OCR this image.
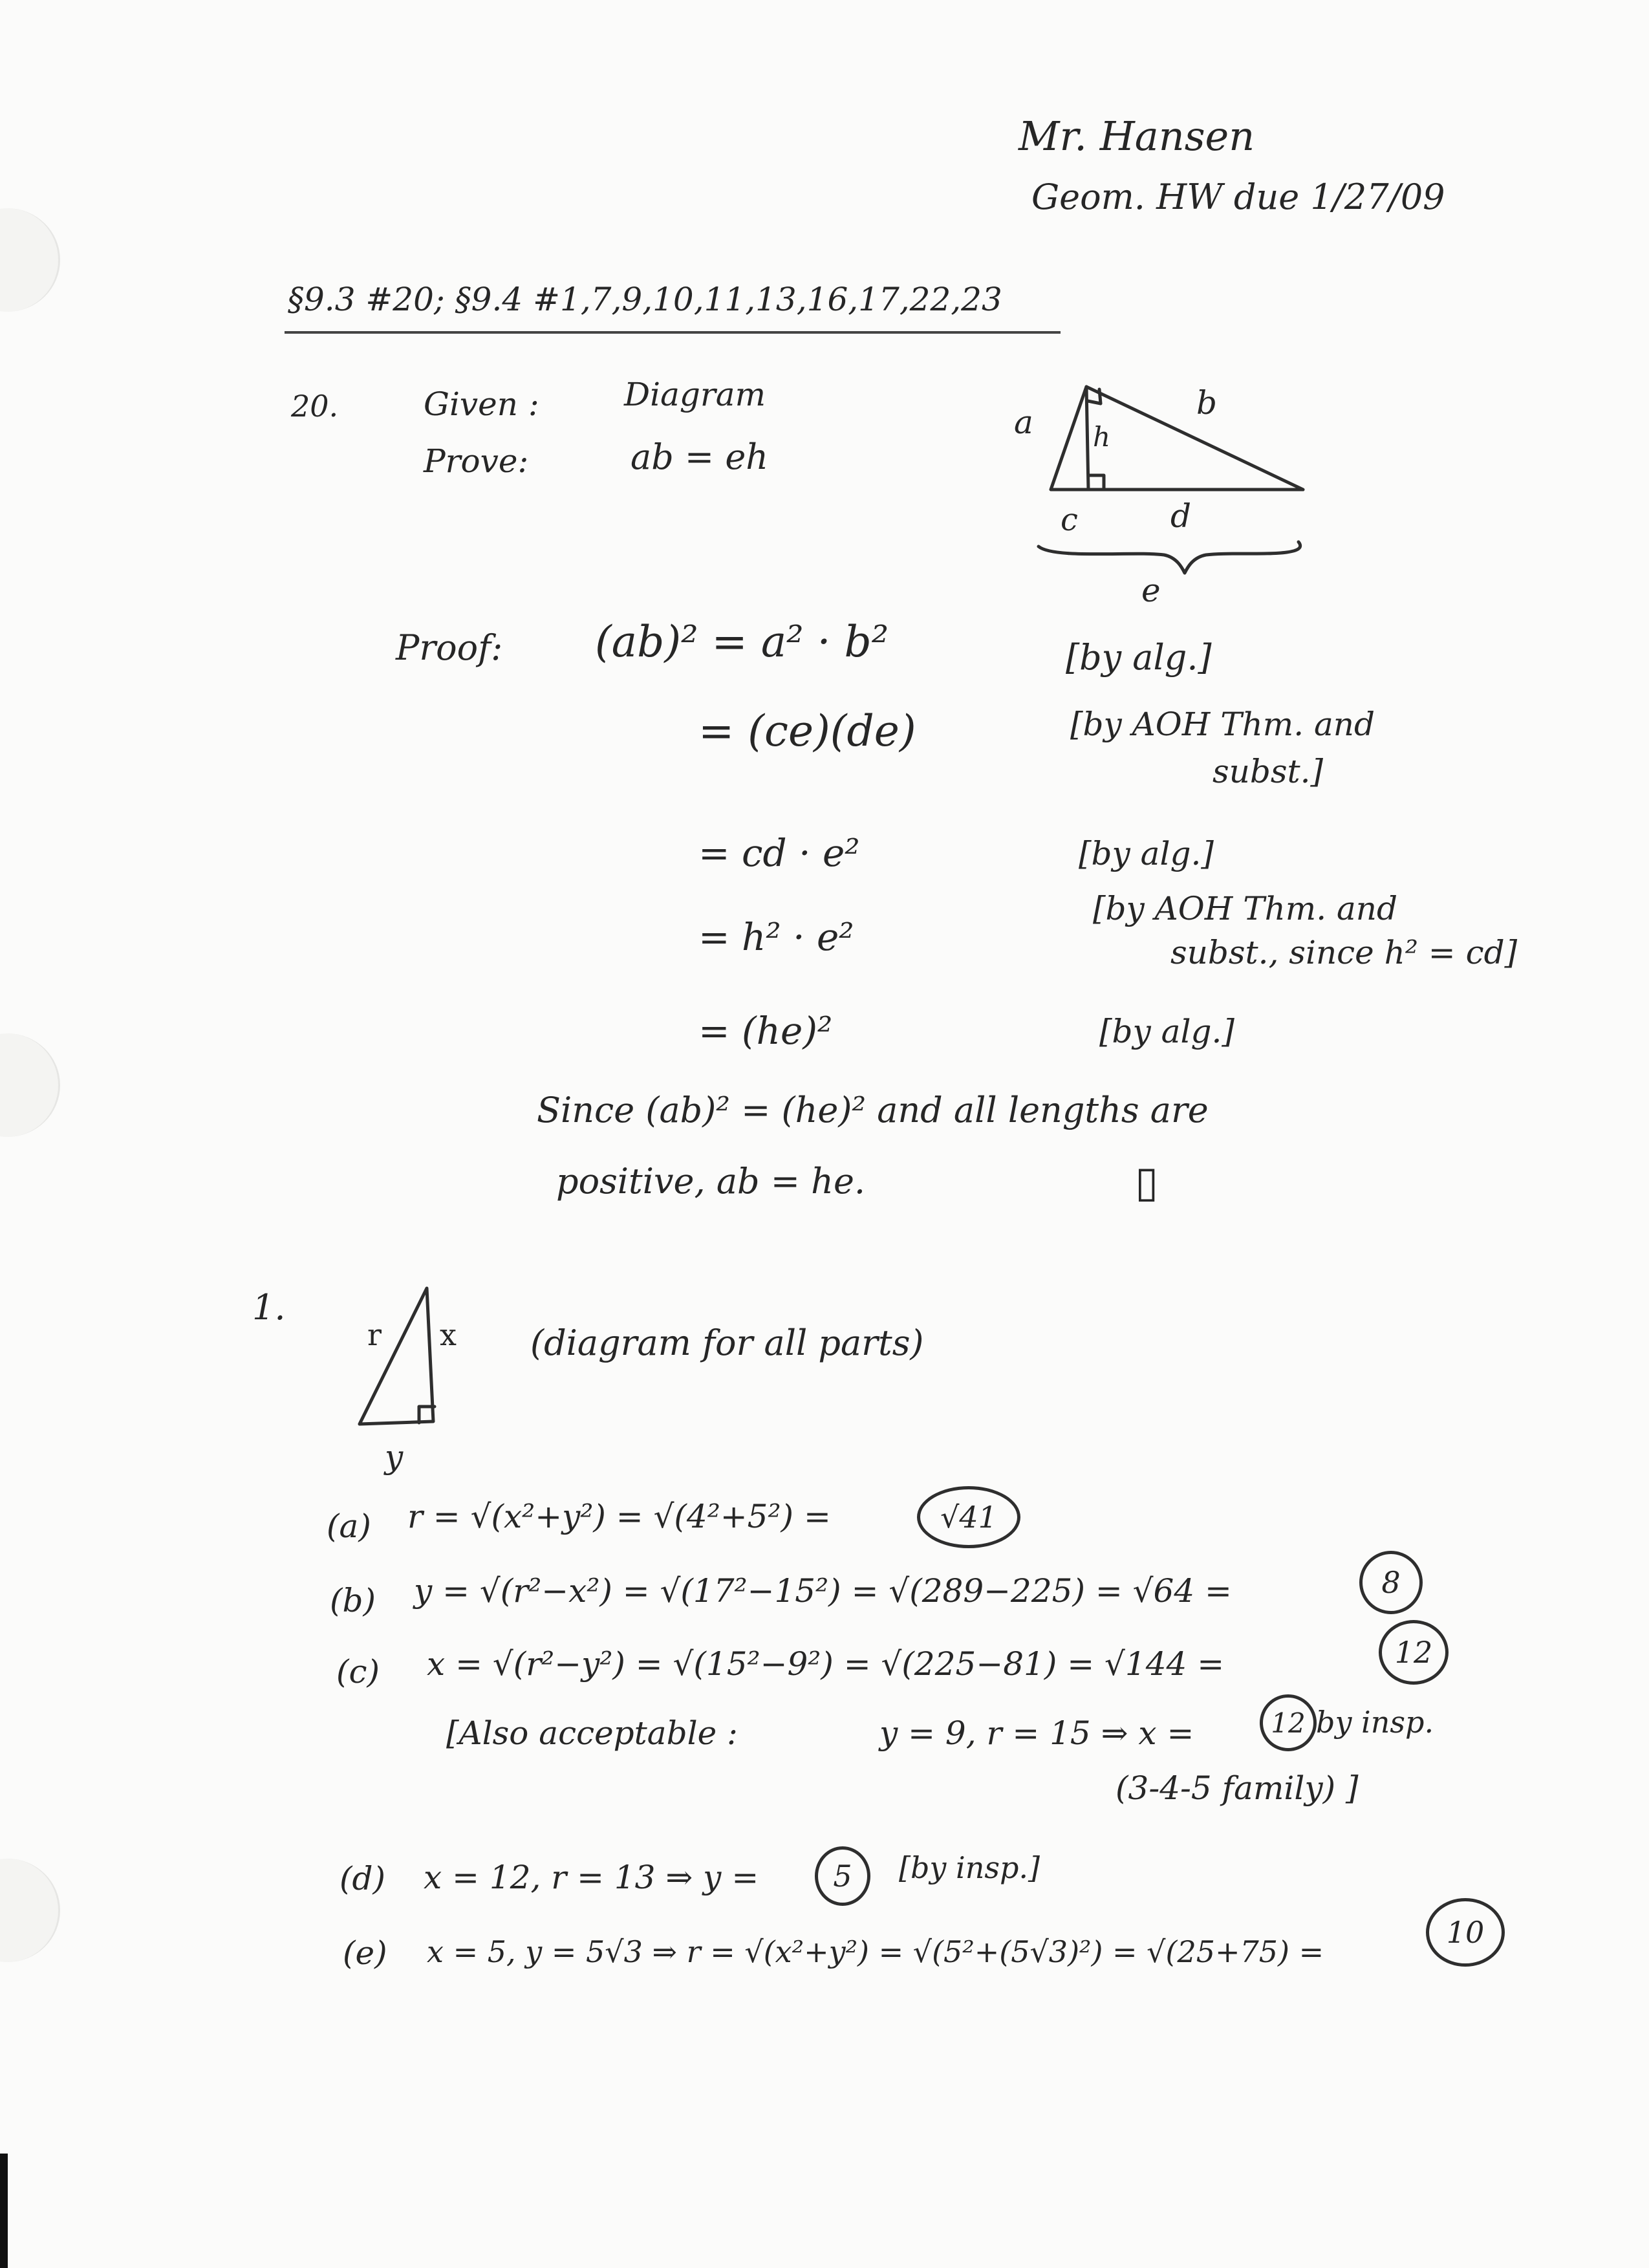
Mr. Hansen
Geom. HW due 1/27/09
§9.3 #20; §9.4 #1,7,9,10,11,13,16,17,22,23
20.	Given :	Diagram
Prove:	ab = eh
a h
b
c	d
e
Proof: (ab)² = a² · b²	[by alg.]
= (ce)(de)	[by AOH Thm. and
subst.]
= cd · e²	[by alg.]
= h² · e²
[by AOH Thm. and
subst., since h² = cd]
= (he)²	[by alg.]
Since (ab)² = (he)² and all lengths are
positive, ab = he.	▯
1.
r x
y
(diagram for all parts)
(a) r = √(x²+y²) = √(4²+5²) =	√41
(b) y = √(r²−x²) = √(17²−15²) = √(289−225) = √64 =	8
(c) x = √(r²−y²) = √(15²−9²) = √(225−81) = √144 =	12
[Also acceptable :	y = 9, r = 15 ⇒ x =	12 by insp.
(3-4-5 family) ]
(d) x = 12, r = 13 ⇒ y =	5 [by insp.]
(e) x = 5, y = 5√3 ⇒ r = √(x²+y²) = √(5²+(5√3)²) = √(25+75) =
10
